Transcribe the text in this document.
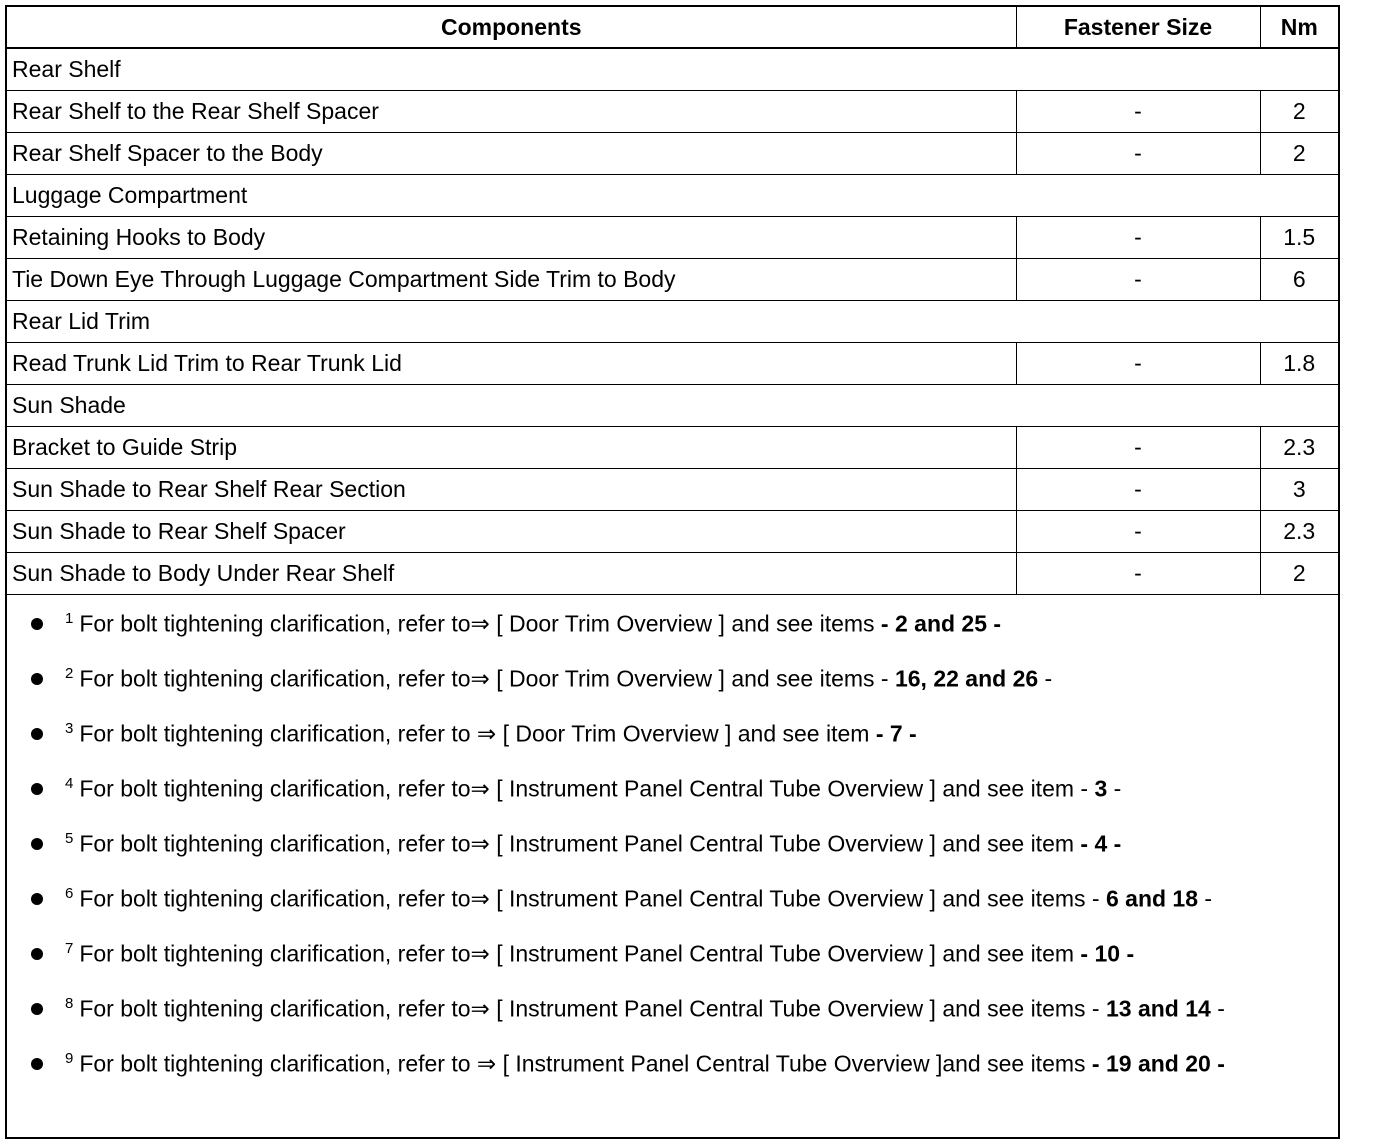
Components	Fastener Size	Nm
Rear Shelf		
Rear Shelf to the Rear Shelf Spacer	-	2
Rear Shelf Spacer to the Body	-	2
Luggage Compartment		
Retaining Hooks to Body	-	1.5
Tie Down Eye Through Luggage Compartment Side Trim to Body	-	6
Rear Lid Trim		
Read Trunk Lid Trim to Rear Trunk Lid	-	1.8
Sun Shade		
Bracket to Guide Strip	-	2.3
Sun Shade to Rear Shelf Rear Section	-	3
Sun Shade to Rear Shelf Spacer	-	2.3
Sun Shade to Body Under Rear Shelf	-	2
$^1$ For bolt tightening clarification, refer to⇒ [ Door Trim Overview ] and see items - 2 and 25 -
$^2$ For bolt tightening clarification, refer to⇒ [ Door Trim Overview ] and see items - 16, 22 and 26 -
$^3$ For bolt tightening clarification, refer to ⇒ [ Door Trim Overview ] and see item - 7 -
$^4$ For bolt tightening clarification, refer to⇒ [ Instrument Panel Central Tube Overview ] and see item - 3 -
$^5$ For bolt tightening clarification, refer to⇒ [ Instrument Panel Central Tube Overview ] and see item - 4 -
$^6$ For bolt tightening clarification, refer to⇒ [ Instrument Panel Central Tube Overview ] and see items - 6 and 18 -
$^7$ For bolt tightening clarification, refer to⇒ [ Instrument Panel Central Tube Overview ] and see item - 10 -
$^8$ For bolt tightening clarification, refer to⇒ [ Instrument Panel Central Tube Overview ] and see items - 13 and 14 -
$^9$ For bolt tightening clarification, refer to ⇒ [ Instrument Panel Central Tube Overview ]and see items - 19 and 20 -
